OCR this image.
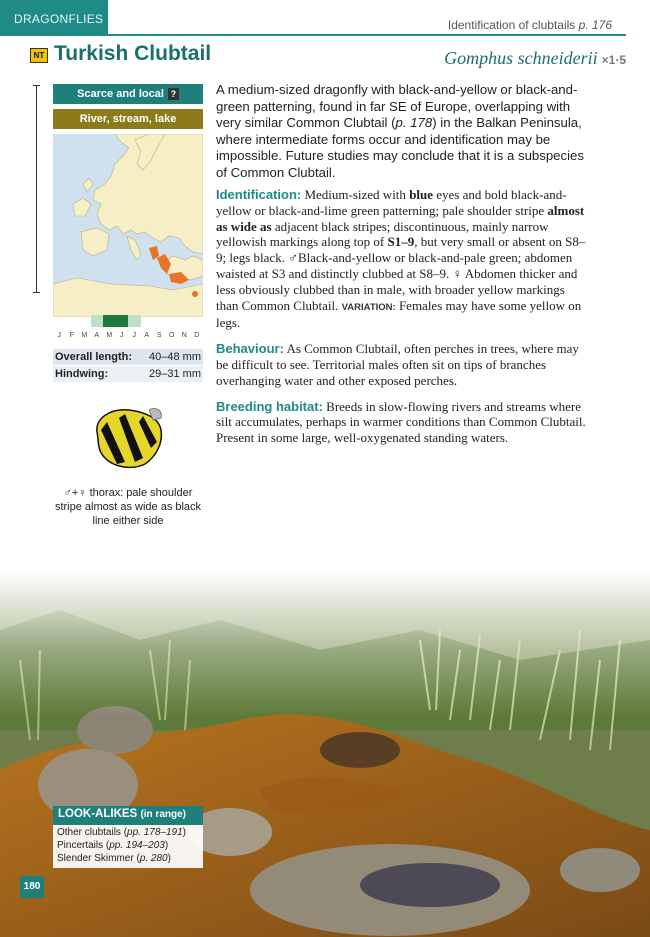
DRAGONFLIES	Identification of clubtails p. 176
NT Turkish Clubtail	Gomphus schneiderii ×1·5
Scarce and local ?
River, stream, lake
J	F	M	A	M	J	J	A	S	O	N	D
Overall length: 40–48 mm
Hindwing:	29–31 mm
♂+♀ thorax: pale shoulder stripe almost as wide as black line either side

A medium-sized dragonfly with black-and-yellow or black-and-green patterning, found in far SE of Europe, overlapping with very similar Common Clubtail (p. 178) in the Balkan Peninsula, where intermediate forms occur and identification may be impossible. Future studies may conclude that it is a subspecies of Common Clubtail.

Identification: Medium-sized with blue eyes and bold black-and-yellow or black-and-lime green patterning; pale shoulder stripe almost as wide as adjacent black stripes; discontinuous, mainly narrow yellowish markings along top of S1–9, but very small or absent on S8–9; legs black. ♂Black-and-yellow or black-and-pale green; abdomen waisted at S3 and distinctly clubbed at S8–9. ♀ Abdomen thicker and less obviously clubbed than in male, with broader yellow markings than Common Clubtail. VARIATION: Females may have some yellow on legs.

Behaviour: As Common Clubtail, often perches in trees, where may be difficult to see. Territorial males often sit on tips of branches overhanging water and other exposed perches.

Breeding habitat: Breeds in slow-flowing rivers and streams where silt accumulates, perhaps in warmer conditions than Common Clubtail. Present in some large, well-oxygenated standing waters.

LOOK-ALIKES (in range)
Other clubtails (pp. 178–191)
Pincertails (pp. 194–203)
Slender Skimmer (p. 280)
180
